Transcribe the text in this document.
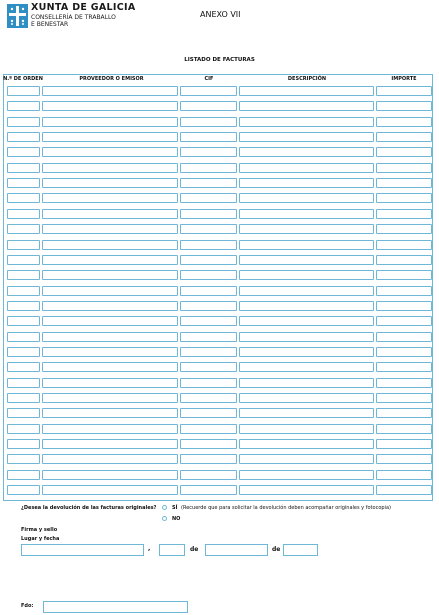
XUNTA DE GALICIA
CONSELLERÍA DE TRABALLO
E BENESTAR
ANEXO VII
LISTADO DE FACTURAS
N.º DE ORDEN	PROVEEDOR O EMISOR	CIF	DESCRIPCIÓN	IMPORTE
¿Desea la devolución de las facturas originales?	SÍ (Recuerde que para solicitar la devolución deben acompañar originales y fotocopia)
NO
Firma y sello
Lugar y fecha
,	de	de
Fdo:
